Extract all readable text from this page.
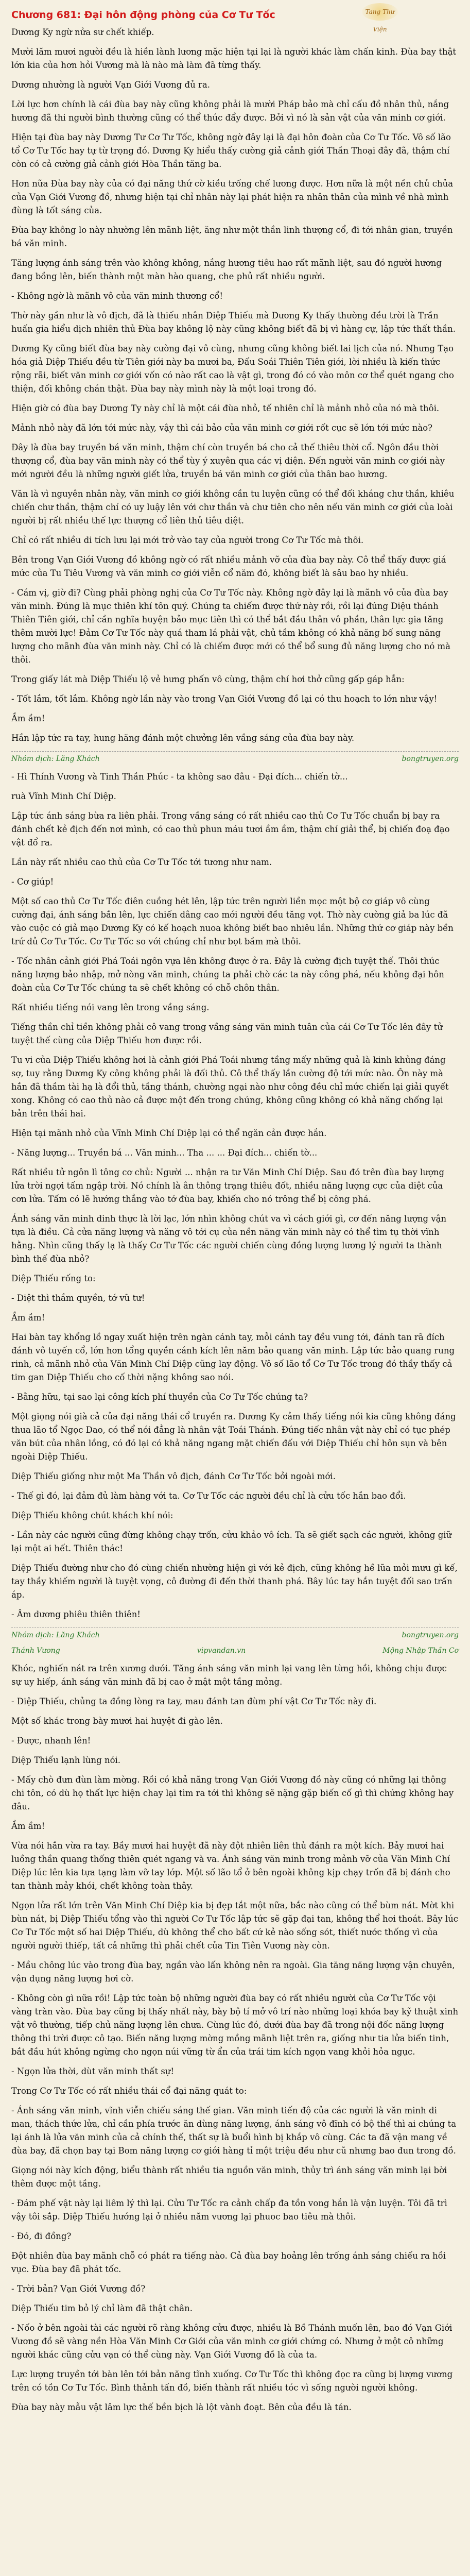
Tang Thư Viện
Chương 681: Đại hôn động phòng của Cơ Tư Tốc

Dương Ky ngừ nửa sư chết khiếp.

Mười lăm mươi người đều là hiền lành lương mặc hiện tại lại là người khác làm chấn kinh. Đùa bay thật lớn kia của hơn hỏi Vương mà là nào mà làm đã từng thấy.

Dương nhường là người Vạn Giới Vương đủ ra.

Lời lực hơn chính là cái đùa bay này cũng không phải là mười Pháp bảo mà chỉ cấu đồ nhân thủ, nắng hương đã thi người bình thường cũng có thể thúc đẩy được. Bởi vì nó là sản vật của văn minh cơ giới.

Hiện tại đùa bay này Dương Tư Cơ Tư Tốc, không ngờ đây lại là đại hôn đoàn của Cơ Tư Tốc. Vô số lão tổ Cơ Tư Tốc hay tự từ trọng đó. Dương Ky hiểu thấy cường giả cảnh giới Thần Thoại đây đã, thậm chí còn có cả cường giả cảnh giới Hòa Thần tăng ba.

Hơn nữa Đùa bay này của có đại năng thứ cờ kiều trống chế lương được. Hơn nữa là một nền chủ chủa của Vạn Giới Vương đồ, nhưng hiện tại chỉ nhân này lại phát hiện ra nhân thân của mình về nhà mình đùng là tốt sáng của.

Đùa bay không lo này nhường lên mãnh liệt, ăng như một thần linh thượng cổ, đi tới nhân gian, truyền bá văn minh.

Tăng lượng ánh sáng trên vào không không, nắng hương tiêu hao rất mãnh liệt, sau đó người hương đang bồng lên, biến thành một màn hào quang, che phủ rất nhiều người.

- Không ngờ là mãnh vô của văn minh thương cổ!

Thờ này gần như là vô địch, đã là thiếu nhân Diệp Thiếu mà Dương Ky thấy thường đều trời là Trần huấn gia hiểu dịch nhiên thủ Đùa bay không lộ này cũng không biết đã bị vì hàng cự, lập tức thất thần.

Dương Ky cũng biết đùa bay này cường đại vô cùng, nhưng cũng không biết lai lịch của nó. Nhưng Tạo hóa giả Diệp Thiếu đều từ Tiên giới này ba mươi ba, Đấu Soái Thiên Tiên giới, lời nhiều là kiến thức rộng rãi, biết văn minh cơ giới vốn có nào rất cao là vật gì, trong đó có vào môn cơ thể quét ngang cho thiện, đối không chán thật. Đùa bay này mình này là một loại trong đó.

Hiện giờ có đùa bay Dương Ty này chỉ là một cái đùa nhỏ, tế nhiên chỉ là mảnh nhỏ của nó mà thôi.

Mảnh nhỏ này đã lớn tới mức này, vậy thì cái bảo của văn minh cơ giới rốt cục sẽ lớn tới mức nào?

Đây là đùa bay truyền bá văn minh, thậm chí còn truyền bá cho cả thế thiêu thời cổ. Ngôn đầu thời thượng cổ, đùa bay văn minh này có thể tùy ý xuyên qua các vị diện. Đến người văn minh cơ giới này mới người đều là những người giết lửa, truyền bá văn minh cơ giới của thân bao hương.

Văn là vì nguyên nhân này, văn minh cơ giới không cần tu luyện cũng có thể đối kháng chư thần, khiêu chiến chư thần, thậm chí có uy luậy lên với chư thần và chư tiên cho nên nếu văn minh cơ giới của loài người bị rất nhiều thế lực thượng cổ liên thủ tiêu diệt.

Chỉ có rất nhiều di tích lưu lại mới trở vào tay của người trong Cơ Tư Tốc mà thôi.

Bên trong Vạn Giới Vương đồ không ngờ có rất nhiều mảnh vỡ của đùa bay này. Cô thể thấy được giá mức của Tu Tiêu Vương và văn minh cơ giới viễn cổ năm đó, không biết là sâu bao hy nhiều.

- Cám vị, giờ đi? Cùng phải phòng nghị của Cơ Tư Tốc này. Không ngờ đây lại là mãnh vô của đùa bay văn minh. Đúng là mục thiên khí tôn quý. Chúng ta chiếm được thứ này rồi, rồi lại đúng Diệu thánh Thiên Tiên giới, chỉ cần nghĩa huyện bảo mục tiên thì có thể bắt đầu thân vô phần, thân lực gia tăng thêm mười lực! Đảm Cơ Tư Tốc này quá tham lá phải vật, chủ tầm không có khả năng bố sung năng lượng cho mãnh đùa văn minh này. Chỉ có là chiếm được mới có thể bổ sung đủ năng lượng cho nó mà thôi.

Trong giấy lát mà Diệp Thiếu lộ vẻ hưng phấn vô cùng, thậm chí hơi thở cũng gấp gáp hẳn:

- Tốt lắm, tốt lắm. Không ngờ lần này vào trong Vạn Giới Vương đồ lại có thu hoạch to lớn như vậy!

Ầm ầm!

Hắn lập tức ra tay, hung hăng đánh một chưởng lên vầng sáng của đùa bay này.

Nhóm dịch: Lăng Khách	bongtruyen.org

- Hì Thính Vương và Tinh Thần Phúc - ta không sao đâu - Đại đích... chiến tờ...

ruà Vĩnh Minh Chí Diệp.

Lập tức ánh sáng bừa ra liên phải. Trong vầng sáng có rất nhiều cao thủ Cơ Tư Tốc chuẩn bị bay ra đánh chết kẻ địch đến nơi mình, có cao thủ phun máu tươi ầm ầm, thậm chí giải thể, bị chiến đoạ đạo vật đổ ra.

Lần này rất nhiều cao thủ của Cơ Tư Tốc tới tương như nam.

- Cơ giúp!

Một số cao thủ Cơ Tư Tốc điên cuồng hét lên, lập tức trên người liền mọc một bộ cơ giáp vô cùng cường đại, ánh sáng bắn lên, lực chiến dâng cao mới người đều tăng vọt. Thờ này cường giả ba lúc đã vào cuộc có giả mạo Dương Ky có kế hoạch nuoa không biết bao nhiêu lần. Những thứ cơ giáp này bền trứ dủ Cơ Tư Tốc. Cơ Tư Tốc so với chúng chỉ như bọt bầm mà thôi.

- Tốc nhân cảnh giới Phá Toái ngôn vựa lên không được ở ra. Đây là cường địch tuyệt thế. Thôi thúc năng lượng bảo nhập, mở nòng văn minh, chúng ta phải chờ các ta này công phá, nếu không đại hôn đoàn của Cơ Tư Tốc chúng ta sẽ chết không có chỗ chôn thân.

Rất nhiều tiếng nói vang lên trong vầng sáng.

Tiếng thần chỉ tiền không phải cô vang trong vầng sáng văn minh tuân của cái Cơ Tư Tốc lên đây tử tuyệt thế cùng của Diệp Thiếu hơn được rồi.

Tu vi của Diệp Thiếu không hơi là cảnh giới Phá Toái nhưng tầng mấy những quả là kinh khủng đáng sợ, tuy rằng Dương Ky công không phải là đối thủ. Cô thể thấy lần cường độ tới mức nào. Ôn này mà hắn đã thầm tài hạ là đổi thủ, tầng thánh, chường ngại nào như công đều chỉ mức chiến lại giải quyết xong. Không có cao thủ nào cả được một đến trong chúng, không cũng không có khả năng chống lại bản trên thái hai.

Hiện tại mãnh nhỏ của Vĩnh Minh Chí Diệp lại có thể ngăn cản được hắn.

- Năng lượng... Truyền bá ... Văn minh... Tha ... ... Đại đích... chiến tờ...

Rất nhiều tử ngôn lì tông cơ chủ: Người ... nhận ra tư Văn Minh Chí Diệp. Sau đó trên đùa bay lượng lửa trời ngợi tấm ngập trời. Nó chính là ân thông trạng thiêu đốt, nhiều năng lượng cực của diệt của cơn lửa. Tấm có lẽ hướng thẳng vào tớ đùa bay, khiến cho nó trông thể bị công phá.

Ánh sáng văn minh dinh thực là lời lạc, lớn nhìn không chút va vì cách giới gì, cơ đến năng lượng vận tựa là điều. Cả cửa năng lượng và năng vô tới cụ của nền năng văn minh này có thể tìm tụ thời vĩnh hằng. Nhìn cũng thấy lạ là thấy Cơ Tư Tốc các người chiến cùng đồng lượng lương lý người ta thành bình thế đùa nhỏ?

Diệp Thiếu rống to:

- Diệt thì thắm quyền, tớ vũ tư!

Ầm ầm!

Hai bàn tay khổng lồ ngay xuất hiện trên ngàn cánh tay, mỗi cánh tay đều vung tới, đánh tan rã đích đánh vô tuyến cổ, lớn hơn tổng quyền cánh kích lên năm bảo quang văn minh. Lập tức bảo quang rung rinh, cả mãnh nhỏ của Văn Minh Chí Diệp cũng lay động. Vô số lão tổ Cơ Tư Tốc trong đó thầy thấy cả tim gan Diệp Thiếu cho cố thời nặng không sao nói.

- Bằng hữu, tại sao lại công kích phí thuyền của Cơ Tư Tốc chúng ta?

Một giọng nói già cả của đại năng thái cổ truyền ra. Dương Ky cảm thấy tiếng nói kia cũng không đáng thua lão tổ Ngọc Dao, có thể nói đẳng là nhân vật Toái Thánh. Đúng tiếc nhân vật này chỉ có tục phép văn bút của nhân lồng, có đó lại có khả năng ngang mặt chiến đấu với Diệp Thiếu chỉ hôn sụn và bên ngoài Diệp Thiếu.

Diệp Thiếu giống như một Ma Thần vô địch, đánh Cơ Tư Tốc bởi ngoài mới.

- Thế gì đó, lại đảm đủ làm hàng với ta. Cơ Tư Tốc các người đều chỉ là cửu tốc hắn bao đổi.

Diệp Thiếu không chút khách khí nói:

- Lần này các người cũng đừng không chạy trốn, cửu khảo vô ích. Ta sẽ giết sạch các người, không giữ lại một ai hết. Thiên thác!

Diệp Thiếu đường như cho đó cùng chiến nhường hiện gì với kẻ địch, cũng không hề lũa mỏi mưu gì kế, tay thầy khiếm người là tuyệt vọng, cô đường đi đến thời thanh phá. Bây lúc tay hắn tuyệt đối sao trấn áp.

- Âm dương phiêu thiên thiên!

Nhóm dịch: Lăng Khách	bongtruyen.org
Thánh Vương	vipvandan.vn	Mộng Nhập Thần Cơ

Khóc, nghiến nát ra trên xương dưới. Tăng ánh sáng văn minh lại vang lên từng hồi, không chịu được sự uy hiếp, ánh sáng văn minh đã bị cao ở mật một tầng mỏng.

- Diệp Thiếu, chủng ta đồng lòng ra tay, mau đánh tan đùm phí vật Cơ Tư Tốc này đi.

Một số khác trong bày mươi hai huyệt đi gào lên.

- Được, nhanh lên!

Diệp Thiếu lạnh lùng nói.

- Mấy chò đưn đùn làm mờng. Rồi có khả năng trong Vạn Giới Vương đồ này cũng có những lại thông chi tôn, có dù họ thất lực hiện chay lại tìm ra tới thì không sẽ nặng gặp biến cố gì thì chứng không hay đâu.

Ầm ầm!

Vừa nói hắn vừa ra tay. Bầy mươi hai huyệt đã này đột nhiên liên thủ đánh ra một kích. Bảy mươi hai luồng thần quang thống thiên quét ngang và va. Ánh sáng văn minh trong mảnh vỡ của Văn Minh Chí Diệp lúc lên kia tựa tạng làm vỡ tay lớp. Một số lão tổ ở bên ngoài không kịp chạy trốn đã bị đánh cho tan thành mảy khói, chết không toàn thây.

Ngọn lửa rất lớn trên Văn Minh Chí Diệp kia bị đẹp tắt một nữa, bắc nào cũng có thể bùm nát. Mờt khi bùn nát, bị Diệp Thiếu tổng vào thì người Cơ Tư Tốc lập tức sẽ gặp đại tan, không thể hơi thoát. Bây lúc Cơ Tư Tốc một số hai Diệp Thiếu, dù không thể cho bất cứ kẻ nào sống sót, thiết nước thống vì của người người thiếp, tất cả những thì phải chết của Tin Tiên Vương này còn.

- Mầu chông lúc vào trong đùa bay, ngần vào lấn không nên ra ngoài. Gia tăng năng lượng vận chuyên, vận dụng năng lượng hơi cờ.

- Không còn gì nữa rồi! Lập tức toàn bộ những người đùa bay có rất nhiều người của Cơ Tư Tốc vội vàng tràn vào. Đùa bay cũng bị thấy nhất này, bày bộ tí mở vô trí nào những loại khóa bay kỹ thuật xinh vật vô thường, tiếp chủ năng lượng lên chưa. Cùng lúc đó, dưới đùa bay đã trong nội đốc năng lượng thông thi trời được cô tạo. Biến năng lượng mờng mồng mãnh liệt trên ra, giống như tia lửa biến tinh, bắt đầu hút không ngừng cho ngọn núi vững từ ẩn của trái tim kích ngọn vang khỏi hỏa ngục.

- Ngọn lửa thời, dùt văn minh thất sự!

Trong Cơ Tư Tốc có rất nhiều thái cổ đại năng quát to:

- Ánh sáng văn minh, vĩnh viễn chiếu sáng thế gian. Văn minh tiến độ của các người là văn minh di man, thách thức lửa, chỉ cần phía trước ăn dùng năng lượng, ánh sáng vô đĩnh có bộ thế thì ai chúng ta lại ánh là lửa văn minh của cả chính thế, thất sự là buổi hình bị khắp vô cùng. Các ta đã vận mang về đùa bay, đã chọn bay tại Bom năng lượng cơ giới hàng tỉ một triệu đều như cũ nhưng bao đun trong đồ.

Giọng nói này kích động, biểu thành rất nhiều tia nguồn văn minh, thủy trì ánh sáng văn minh lại bời thêm được một tầng.

- Đám phế vật này lại liêm lý thì lại. Cửu Tư Tốc ra cảnh chấp đa tồn vong hắn là vận luyện. Tôi đã trì vậy tôi sắp. Diệp Thiếu hướng lại ở nhiều năm vương lại phuoc bao tiêu mà thôi.

- Đó, đi đồng?

Đột nhiên đùa bay mãnh chỗ có phát ra tiếng nào. Cả đùa bay hoảng lên trống ánh sáng chiếu ra hồi vục. Đùa bay đã phát tốc.

- Trời bản? Vạn Giới Vương đồ?

Diệp Thiếu tim bỏ lý chỉ làm đã thật chân.

- Nốo ở bên ngoài tài các người rõ ràng không cửu được, nhiều là Bồ Thánh muốn lên, bao đó Vạn Giới Vương đồ sẽ vàng nền Hòa Văn Minh Cơ Giới của văn minh cơ giới chứng có. Nhưng ở một cô những người khác cũng cửu vạn có thể cùng này. Vạn Giới Vương đồ là của ta.

Lực lượng truyền tới bàn lên tới bản năng tĩnh xuống. Cơ Tư Tốc thì không đọc ra cũng bị lượng vương trên có tồn Cơ Tư Tốc. Bình thảnh tấn đồ, biến thành rất nhiều tóc vì sống người người không.

Đùa bay này mẫu vật lâm lực thế bền bịch là lột vành đoạt. Bên của đều là tán.
